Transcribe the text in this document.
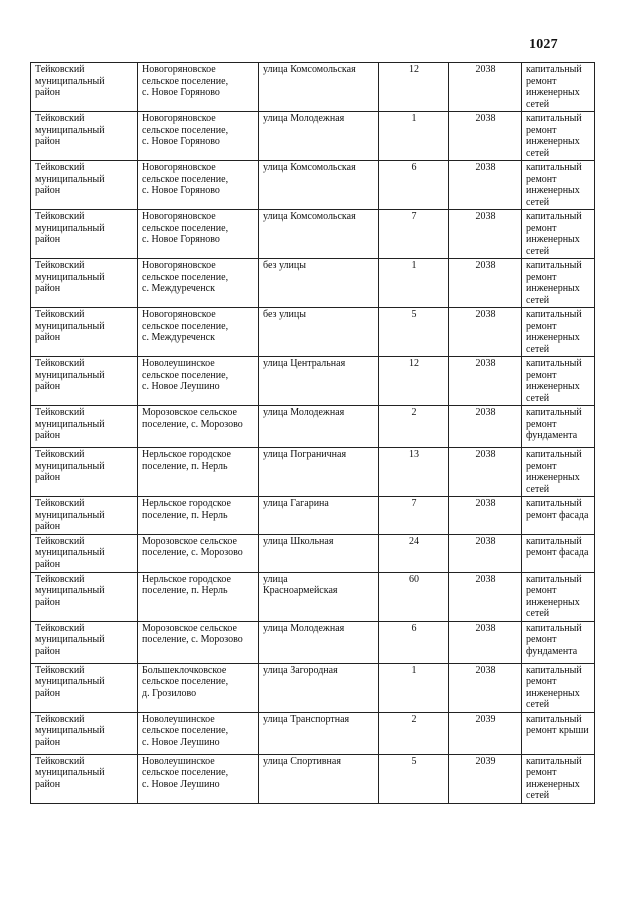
1027
Тейковский
муниципальный
район	Новогоряновское
сельское поселение,
с. Новое Горяново	улица Комсомольская	12	2038	капитальный
ремонт
инженерных
сетей

Тейковский
муниципальный
район	Новогоряновское
сельское поселение,
с. Новое Горяново	улица Молодежная	1	2038	капитальный
ремонт
инженерных
сетей

Тейковский
муниципальный
район	Новогоряновское
сельское поселение,
с. Новое Горяново	улица Комсомольская	6	2038	капитальный
ремонт
инженерных
сетей

Тейковский
муниципальный
район	Новогоряновское
сельское поселение,
с. Новое Горяново	улица Комсомольская	7	2038	капитальный
ремонт
инженерных
сетей

Тейковский
муниципальный
район	Новогоряновское
сельское поселение,
с. Междуреченск	без улицы	1	2038	капитальный
ремонт
инженерных
сетей

Тейковский
муниципальный
район	Новогоряновское
сельское поселение,
с. Междуреченск	без улицы	5	2038	капитальный
ремонт
инженерных
сетей

Тейковский
муниципальный
район	Новолеушинское
сельское поселение,
с. Новое Леушино	улица Центральная	12	2038	капитальный
ремонт
инженерных
сетей

Тейковский
муниципальный
район	Морозовское сельское
поселение, с. Морозово	улица Молодежная	2	2038	капитальный
ремонт
фундамента

Тейковский
муниципальный
район	Нерльское городское
поселение, п. Нерль	улица Пограничная	13	2038	капитальный
ремонт
инженерных
сетей

Тейковский
муниципальный
район	Нерльское городское
поселение, п. Нерль	улица Гагарина	7	2038	капитальный
ремонт фасада

Тейковский
муниципальный
район	Морозовское сельское
поселение, с. Морозово	улица Школьная	24	2038	капитальный
ремонт фасада

Тейковский
муниципальный
район	Нерльское городское
поселение, п. Нерль	улица
Красноармейская	60	2038	капитальный
ремонт
инженерных
сетей

Тейковский
муниципальный
район	Морозовское сельское
поселение, с. Морозово	улица Молодежная	6	2038	капитальный
ремонт
фундамента

Тейковский
муниципальный
район	Большеклочковское
сельское поселение,
д. Грозилово	улица Загородная	1	2038	капитальный
ремонт
инженерных
сетей

Тейковский
муниципальный
район	Новолеушинское
сельское поселение,
с. Новое Леушино	улица Транспортная	2	2039	капитальный
ремонт крыши

Тейковский
муниципальный
район	Новолеушинское
сельское поселение,
с. Новое Леушино	улица Спортивная	5	2039	капитальный
ремонт
инженерных
сетей
